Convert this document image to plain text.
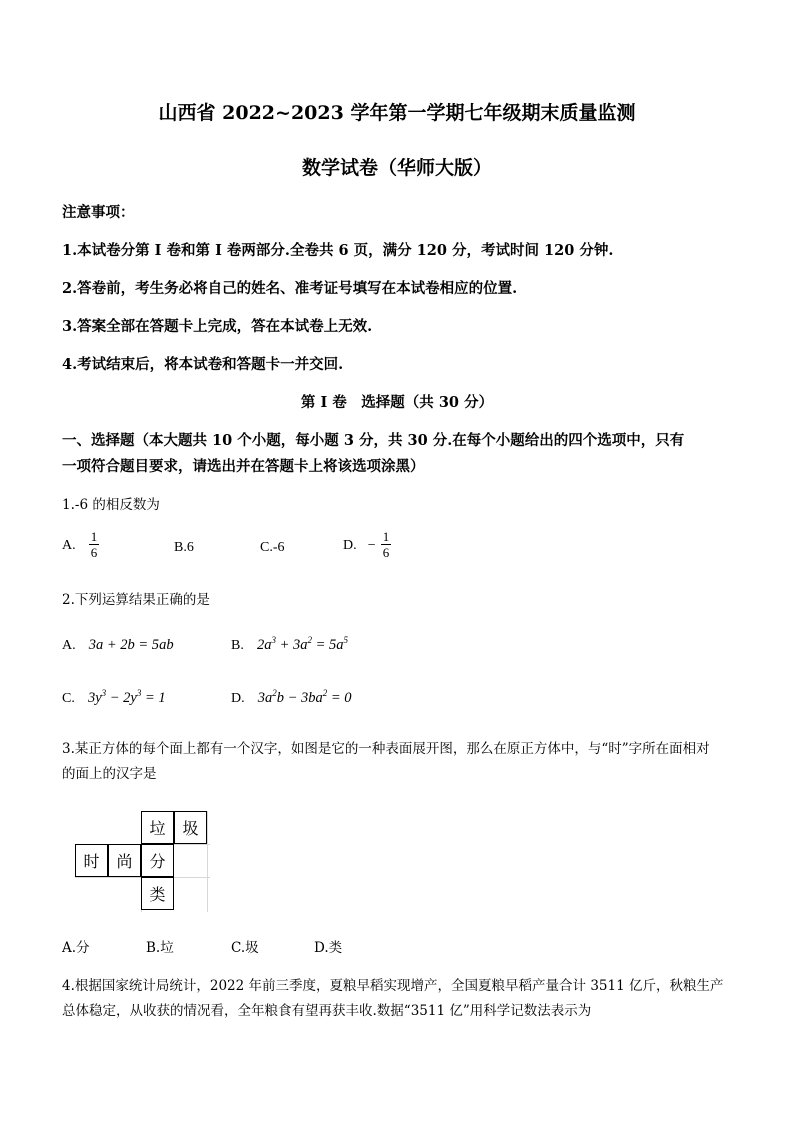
山西省 2022~2023 学年第一学期七年级期末质量监测
数学试卷（华师大版）
注意事项：
1.本试卷分第 I 卷和第 I 卷两部分.全卷共 6 页，满分 120 分，考试时间 120 分钟.
2.答卷前，考生务必将自己的姓名、准考证号填写在本试卷相应的位置.
3.答案全部在答题卡上完成，答在本试卷上无效.
4.考试结束后，将本试卷和答题卡一并交回.
第 I 卷　选择题（共 30 分）
一、选择题（本大题共 10 个小题，每小题 3 分，共 30 分.在每个小题给出的四个选项中，只有
一项符合题目要求，请选出并在答题卡上将该选项涂黑）
1.-6 的相反数为
A. $\frac{1}{6}$	B.6	C.-6	D. − $\frac{1}{6}$
2.下列运算结果正确的是
A. 3a + 2b = 5ab	B. $2a^3 + 3a^2 = 5a^5$
C. $3y^3 - 2y^3 = 1$	D. $3a^2b - 3ba^2 = 0$
3.某正方体的每个面上都有一个汉字，如图是它的一种表面展开图，那么在原正方体中，与“时”字所在面相对
的面上的汉字是
垃	圾
时	尚	分
类
A.分	B.垃	C.圾	D.类
4.根据国家统计局统计，2022 年前三季度，夏粮早稻实现增产，全国夏粮早稻产量合计 3511 亿斤，秋粮生产
总体稳定，从收获的情况看，全年粮食有望再获丰收.数据“3511 亿”用科学记数法表示为
